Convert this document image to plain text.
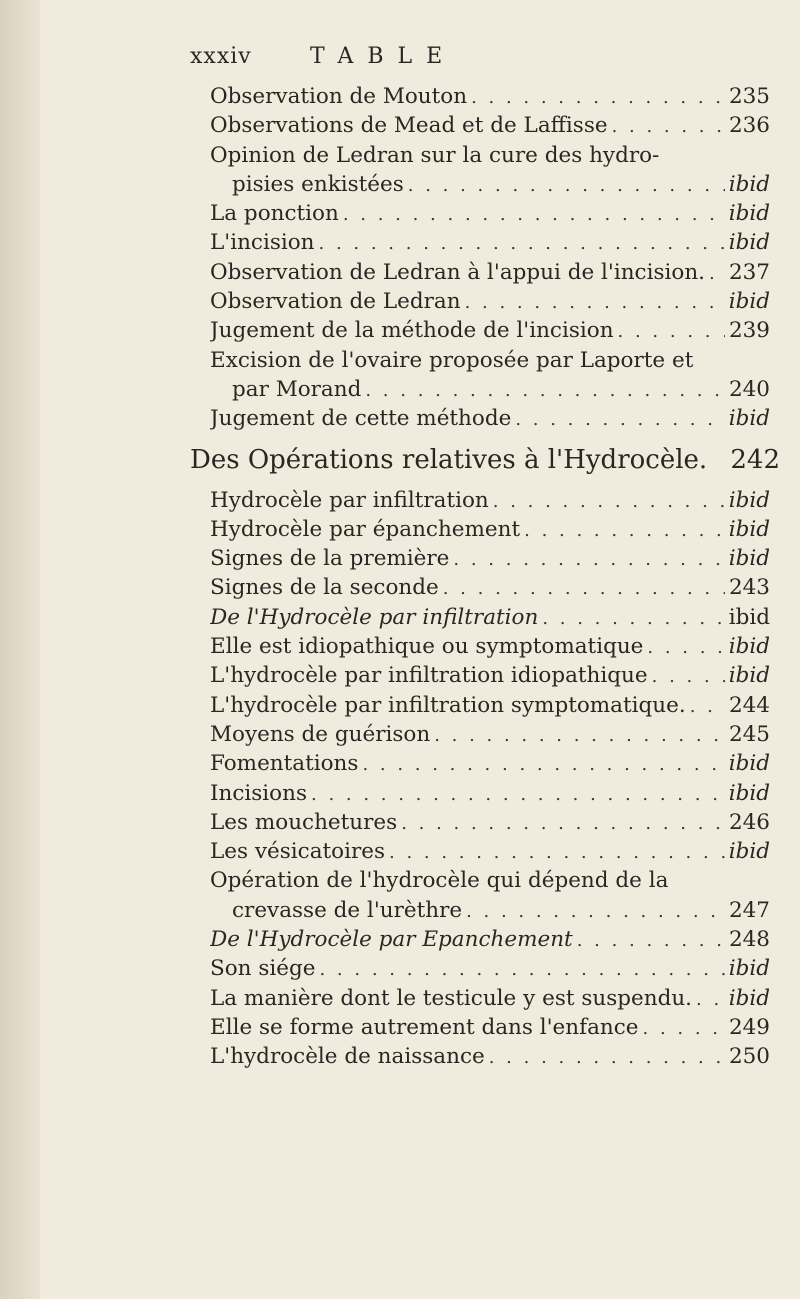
xxxiv	TABLE
Observation de Mouton . . .	235
Observations de Mead et de Laffisse . . .	236
Opinion de Ledran sur la cure des hydro-
pisies enkistées . . .	ibid
La ponction . . .	ibid
L'incision . . .	ibid
Observation de Ledran à l'appui de l'incision. . . . 237
Observation de Ledran . . .	ibid
Jugement de la méthode de l'incision . . .	239
Excision de l'ovaire proposée par Laporte et
par Morand . . .	240
Jugement de cette méthode . . .	ibid
Des Opérations relatives à l'Hydrocèle. 242
Hydrocèle par infiltration . . .	ibid
Hydrocèle par épanchement . . .	ibid
Signes de la première . . .	ibid
Signes de la seconde . . .	243
De l'Hydrocèle par infiltration . . .	ibid
Elle est idiopathique ou symptomatique . . .	ibid
L'hydrocèle par infiltration idiopathique . . .	ibid
L'hydrocèle par infiltration symptomatique. . . . 244
Moyens de guérison . . .	245
Fomentations . . .	ibid
Incisions . . .	ibid
Les mouchetures . . .	246
Les vésicatoires . . .	ibid
Opération de l'hydrocèle qui dépend de la
crevasse de l'urèthre . . .	247
De l'Hydrocèle par Epanchement . . .	248
Son siége . . .	ibid
La manière dont le testicule y est suspendu. . . . ibid
Elle se forme autrement dans l'enfance . . .	249
L'hydrocèle de naissance . . .	250
